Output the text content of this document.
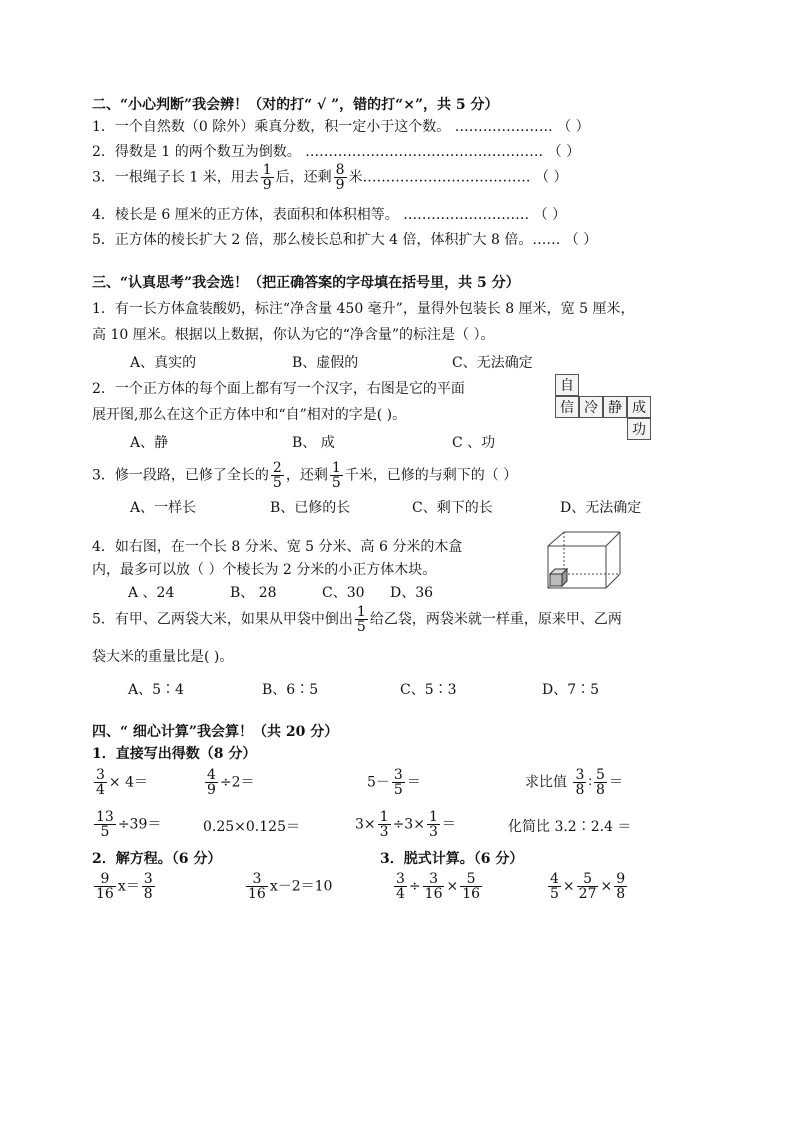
二、“小心判断”我会辨！（对的打“ √ ”，错的打“×”，共 5 分）
1．一个自然数（0 除外）乘真分数，积一定小于这个数。 ………………… （ ）
2．得数是 1 的两个数互为倒数。 …………………………………………… （ ）
3．一根绳子长 1 米，用去 $\frac{1}{9}$ 后，还剩 $\frac{8}{9}$ 米……………………………… （ ）
4．棱长是 6 厘米的正方体，表面积和体积相等。 ……………………… （ ）
5．正方体的棱长扩大 2 倍，那么棱长总和扩大 4 倍，体积扩大 8 倍。…… （ ）
三、“认真思考”我会选！（把正确答案的字母填在括号里，共 5 分）
1．有一长方体盒装酸奶，标注“净含量 450 毫升”，量得外包装长 8 厘米，宽 5 厘米，
高 10 厘米。根据以上数据，你认为它的“净含量”的标注是（ ）。
A、真实的	B、虚假的	C、无法确定
2．一个正方体的每个面上都有写一个汉字，右图是它的平面
展开图,那么在这个正方体中和“自”相对的字是( )。
A、静	B、 成	C 、功
自
信 冷 静 成
功
3．修一段路，已修了全长的 $\frac{2}{5}$ ，还剩 $\frac{1}{5}$ 千米，已修的与剩下的（ ）
A、一样长	B、已修的长	C、剩下的长	D、无法确定
4．如右图，在一个长 8 分米、宽 5 分米、高 6 分米的木盒
内，最多可以放（ ）个棱长为 2 分米的小正方体木块。
A 、24	B、 28	C、30 D、36
5．有甲、乙两袋大米，如果从甲袋中倒出 $\frac{1}{5}$ 给乙袋，两袋米就一样重，原来甲、乙两
袋大米的重量比是( )。
A、5∶4	B、6∶5	C、5∶3	D、7∶5
四、“ 细心计算”我会算！（共 20 分）
1．直接写出得数（8 分）
$\frac{3}{4} \times 4=$	$\frac{4}{9} \div 2=$	$5- \frac{3}{5}$ ＝	求比值 $\frac{3}{8}$ ∶ $\frac{5}{8}$ ＝
$\frac{13}{5} \div 39=$	0.25×0.125＝	$3\times \frac{1}{3} \div 3\times \frac{1}{3}$ ＝	化简比 3.2∶2.4 ＝
2．解方程。（6 分）	3．脱式计算。（6 分）
$\frac{9}{16} x= \frac{3}{8}$	$\frac{3}{16} x-2=10$	$\frac{3}{4} \div \frac{3}{16} \times \frac{5}{16}$	$\frac{4}{5} \times \frac{5}{27} \times \frac{9}{8}$
